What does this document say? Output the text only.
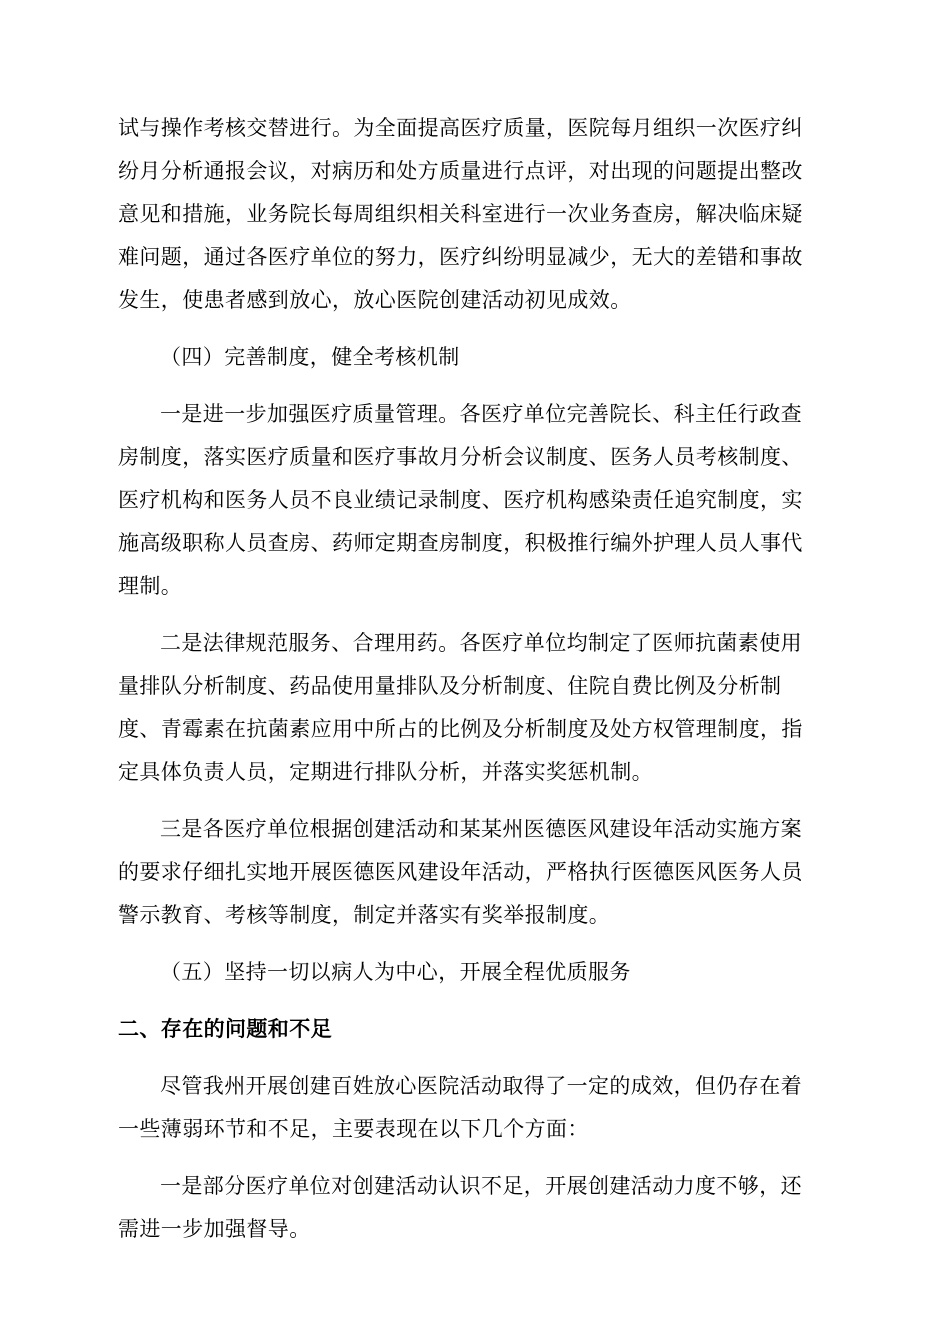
试与操作考核交替进行。为全面提高医疗质量，医院每月组织一次医疗纠
纷月分析通报会议，对病历和处方质量进行点评，对出现的问题提出整改
意见和措施，业务院长每周组织相关科室进行一次业务查房，解决临床疑
难问题，通过各医疗单位的努力，医疗纠纷明显减少，无大的差错和事故
发生，使患者感到放心，放心医院创建活动初见成效。
（四）完善制度，健全考核机制
一是进一步加强医疗质量管理。各医疗单位完善院长、科主任行政查
房制度，落实医疗质量和医疗事故月分析会议制度、医务人员考核制度、
医疗机构和医务人员不良业绩记录制度、医疗机构感染责任追究制度，实
施高级职称人员查房、药师定期查房制度，积极推行编外护理人员人事代
理制。
二是法律规范服务、合理用药。各医疗单位均制定了医师抗菌素使用
量排队分析制度、药品使用量排队及分析制度、住院自费比例及分析制
度、青霉素在抗菌素应用中所占的比例及分析制度及处方权管理制度，指
定具体负责人员，定期进行排队分析，并落实奖惩机制。
三是各医疗单位根据创建活动和某某州医德医风建设年活动实施方案
的要求仔细扎实地开展医德医风建设年活动，严格执行医德医风医务人员
警示教育、考核等制度，制定并落实有奖举报制度。
（五）坚持一切以病人为中心，开展全程优质服务
二、存在的问题和不足
尽管我州开展创建百姓放心医院活动取得了一定的成效，但仍存在着
一些薄弱环节和不足，主要表现在以下几个方面：
一是部分医疗单位对创建活动认识不足，开展创建活动力度不够，还
需进一步加强督导。
